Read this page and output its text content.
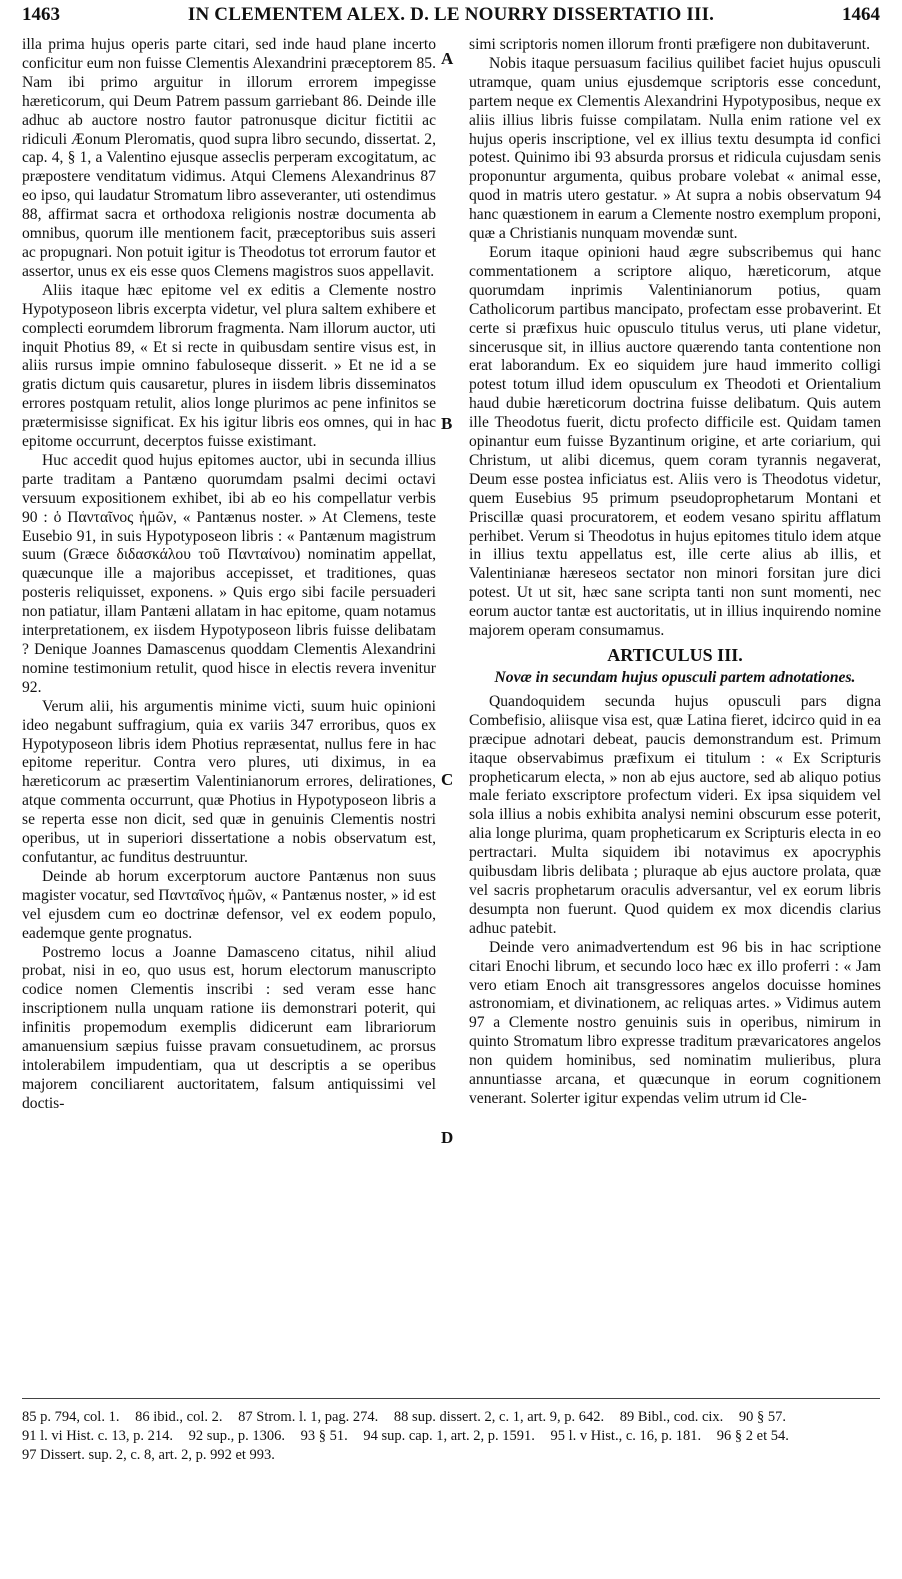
1463	IN CLEMENTEM ALEX. D. LE NOURRY DISSERTATIO III.	1464
A
B
C
D

illa prima hujus operis parte citari, sed inde haud plane incerto conficitur eum non fuisse Clementis Alexandrini præceptorem 85. Nam ibi primo arguitur in illorum errorem impegisse hæreticorum, qui Deum Patrem passum garriebant 86. Deinde ille adhuc ab auctore nostro fautor patronusque dicitur fictitii ac ridiculi Æonum Pleromatis, quod supra libro secundo, dissertat. 2, cap. 4, § 1, a Valentino ejusque asseclis perperam excogitatum, ac præpostere venditatum vidimus. Atqui Clemens Alexandrinus 87 eo ipso, qui laudatur Stromatum libro asseveranter, uti ostendimus 88, affirmat sacra et orthodoxa religionis nostræ documenta ab omnibus, quorum ille mentionem facit, præceptoribus suis asseri ac propugnari. Non potuit igitur is Theodotus tot errorum fautor et assertor, unus ex eis esse quos Clemens magistros suos appellavit.

Aliis itaque hæc epitome vel ex editis a Clemente nostro Hypotyposeon libris excerpta videtur, vel plura saltem exhibere et complecti eorumdem librorum fragmenta. Nam illorum auctor, uti inquit Photius 89, « Et si recte in quibusdam sentire visus est, in aliis rursus impie omnino fabuloseque disserit. » Et ne id a se gratis dictum quis causaretur, plures in iisdem libris disseminatos errores postquam retulit, alios longe plurimos ac pene infinitos se prætermisisse significat. Ex his igitur libris eos omnes, qui in hac epitome occurrunt, decerptos fuisse existimant.

Huc accedit quod hujus epitomes auctor, ubi in secunda illius parte traditam a Pantæno quorumdam psalmi decimi octavi versuum expositionem exhibet, ibi ab eo his compellatur verbis 90 : ὁ Πανταῖνος ἡμῶν, « Pantænus noster. » At Clemens, teste Eusebio 91, in suis Hypotyposeon libris : « Pantænum magistrum suum (Græce διδασκάλου τοῦ Πανταίνου) nominatim appellat, quæcunque ille a majoribus accepisset, et traditiones, quas posteris reliquisset, exponens. » Quis ergo sibi facile persuaderi non patiatur, illam Pantæni allatam in hac epitome, quam notamus interpretationem, ex iisdem Hypotyposeon libris fuisse delibatam ? Denique Joannes Damascenus quoddam Clementis Alexandrini nomine testimonium retulit, quod hisce in electis revera invenitur 92.

Verum alii, his argumentis minime victi, suum huic opinioni ideo negabunt suffragium, quia ex variis 347 erroribus, quos ex Hypotyposeon libris idem Photius repræsentat, nullus fere in hac epitome reperitur. Contra vero plures, uti diximus, in ea hæreticorum ac præsertim Valentinianorum errores, delirationes, atque commenta occurrunt, quæ Photius in Hypotyposeon libris a se reperta esse non dicit, sed quæ in genuinis Clementis nostri operibus, ut in superiori dissertatione a nobis observatum est, confutantur, ac funditus destruuntur.

Deinde ab horum excerptorum auctore Pantænus non suus magister vocatur, sed Πανταῖνος ἡμῶν, « Pantænus noster, » id est vel ejusdem cum eo doctrinæ defensor, vel ex eodem populo, eademque gente prognatus.

Postremo locus a Joanne Damasceno citatus, nihil aliud probat, nisi in eo, quo usus est, horum electorum manuscripto codice nomen Clementis inscribi : sed veram esse hanc inscriptionem nulla unquam ratione iis demonstrari poterit, qui infinitis propemodum exemplis didicerunt eam librariorum amanuensium sæpius fuisse pravam consuetudinem, ac prorsus intolerabilem impudentiam, qua ut descriptis a se operibus majorem conciliarent auctoritatem, falsum antiquissimi vel doctis-

simi scriptoris nomen illorum fronti præfigere non dubitaverunt.

Nobis itaque persuasum facilius quilibet faciet hujus opusculi utramque, quam unius ejusdemque scriptoris esse concedunt, partem neque ex Clementis Alexandrini Hypotyposibus, neque ex aliis illius libris fuisse compilatam. Nulla enim ratione vel ex hujus operis inscriptione, vel ex illius textu desumpta id confici potest. Quinimo ibi 93 absurda prorsus et ridicula cujusdam senis proponuntur argumenta, quibus probare volebat « animal esse, quod in matris utero gestatur. » At supra a nobis observatum 94 hanc quæstionem in earum a Clemente nostro exemplum proponi, quæ a Christianis nunquam movendæ sunt.

Eorum itaque opinioni haud ægre subscribemus qui hanc commentationem a scriptore aliquo, hæreticorum, atque quorumdam inprimis Valentinianorum potius, quam Catholicorum partibus mancipato, profectam esse probaverint. Et certe si præfixus huic opusculo titulus verus, uti plane videtur, sincerusque sit, in illius auctore quærendo tanta contentione non erat laborandum. Ex eo siquidem jure haud immerito colligi potest totum illud idem opusculum ex Theodoti et Orientalium haud dubie hæreticorum doctrina fuisse delibatum. Quis autem ille Theodotus fuerit, dictu profecto difficile est. Quidam tamen opinantur eum fuisse Byzantinum origine, et arte coriarium, qui Christum, ut alibi dicemus, quem coram tyrannis negaverat, Deum esse postea inficiatus est. Aliis vero is Theodotus videtur, quem Eusebius 95 primum pseudoprophetarum Montani et Priscillæ quasi procuratorem, et eodem vesano spiritu afflatum perhibet. Verum si Theodotus in hujus epitomes titulo idem atque in illius textu appellatus est, ille certe alius ab illis, et Valentinianæ hæreseos sectator non minori forsitan jure dici potest. Ut ut sit, hæc sane scripta tanti non sunt momenti, nec eorum auctor tantæ est auctoritatis, ut in illius inquirendo nomine majorem operam consumamus.

ARTICULUS III.
Novæ in secundam hujus opusculi partem adnotationes.

Quandoquidem secunda hujus opusculi pars digna Combefisio, aliisque visa est, quæ Latina fieret, idcirco quid in ea præcipue adnotari debeat, paucis demonstrandum est. Primum itaque observabimus præfixum ei titulum : « Ex Scripturis propheticarum electa, » non ab ejus auctore, sed ab aliquo potius male feriato exscriptore profectum videri. Ex ipsa siquidem vel sola illius a nobis exhibita analysi nemini obscurum esse poterit, alia longe plurima, quam propheticarum ex Scripturis electa in eo pertractari. Multa siquidem ibi notavimus ex apocryphis quibusdam libris delibata ; pluraque ab ejus auctore prolata, quæ vel sacris prophetarum oraculis adversantur, vel ex eorum libris desumpta non fuerunt. Quod quidem ex mox dicendis clarius adhuc patebit.

Deinde vero animadvertendum est 96 bis in hac scriptione citari Enochi librum, et secundo loco hæc ex illo proferri : « Jam vero etiam Enoch ait transgressores angelos docuisse homines astronomiam, et divinationem, ac reliquas artes. » Vidimus autem 97 a Clemente nostro genuinis suis in operibus, nimirum in quinto Stromatum libro expresse traditum prævaricatores angelos non quidem hominibus, sed nominatim mulieribus, plura annuntiasse arcana, et quæcunque in eorum cognitionem venerant. Solerter igitur expendas velim utrum id Cle-

85 p. 794, col. 1. 86 ibid., col. 2. 87 Strom. l. 1, pag. 274. 88 sup. dissert. 2, c. 1, art. 9, p. 642. 89 Bibl., cod. cix. 90 § 57. 91 l. vi Hist. c. 13, p. 214. 92 sup., p. 1306. 93 § 51. 94 sup. cap. 1, art. 2, p. 1591. 95 l. v Hist., c. 16, p. 181. 96 § 2 et 54. 97 Dissert. sup. 2, c. 8, art. 2, p. 992 et 993.
